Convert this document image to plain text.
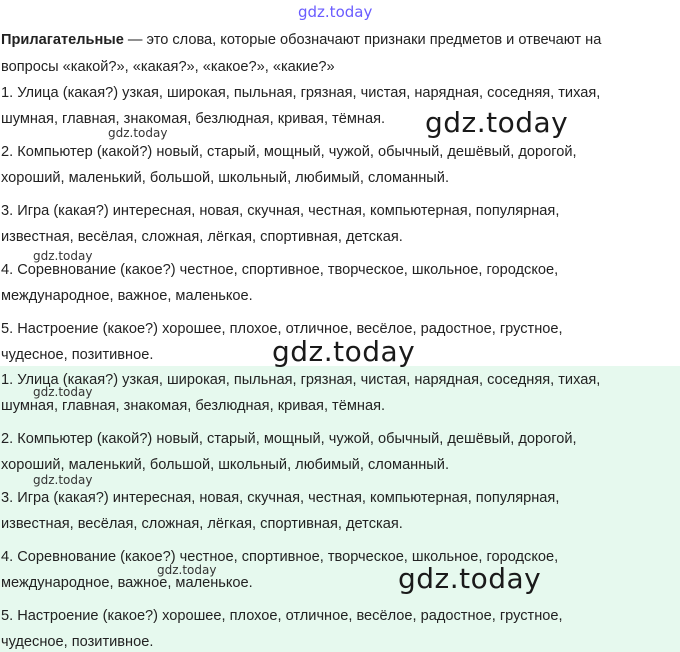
gdz.today
Прилагательные — это слова, которые обозначают признаки предметов и отвечают на
вопросы «какой?», «какая?», «какое?», «какие?»
1. Улица (какая?) узкая, широкая, пыльная, грязная, чистая, нарядная, соседняя, тихая,
шумная, главная, знакомая, безлюдная, кривая, тёмная.
2. Компьютер (какой?) новый, старый, мощный, чужой, обычный, дешёвый, дорогой,
хороший, маленький, большой, школьный, любимый, сломанный.
3. Игра (какая?) интересная, новая, скучная, честная, компьютерная, популярная,
известная, весёлая, сложная, лёгкая, спортивная, детская.
4. Соревнование (какое?) честное, спортивное, творческое, школьное, городское,
международное, важное, маленькое.
5. Настроение (какое?) хорошее, плохое, отличное, весёлое, радостное, грустное,
чудесное, позитивное.
1. Улица (какая?) узкая, широкая, пыльная, грязная, чистая, нарядная, соседняя, тихая,
шумная, главная, знакомая, безлюдная, кривая, тёмная.
2. Компьютер (какой?) новый, старый, мощный, чужой, обычный, дешёвый, дорогой,
хороший, маленький, большой, школьный, любимый, сломанный.
3. Игра (какая?) интересная, новая, скучная, честная, компьютерная, популярная,
известная, весёлая, сложная, лёгкая, спортивная, детская.
4. Соревнование (какое?) честное, спортивное, творческое, школьное, городское,
международное, важное, маленькое.
5. Настроение (какое?) хорошее, плохое, отличное, весёлое, радостное, грустное,
чудесное, позитивное.
gdz.today
gdz.today
gdz.today
gdz.today
gdz.today
gdz.today
gdz.today	gdz.today
